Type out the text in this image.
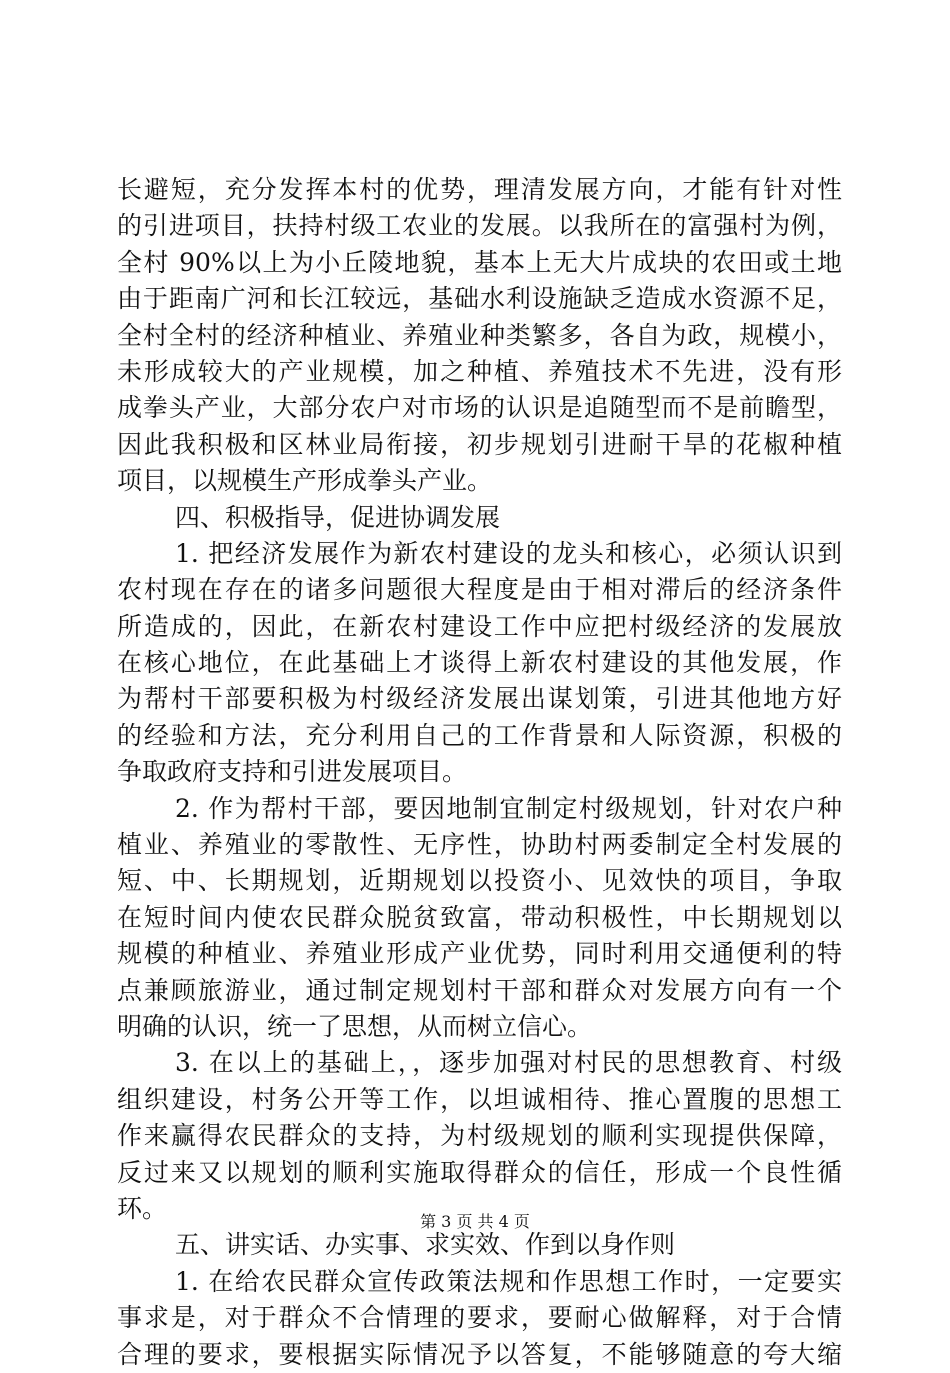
长避短，充分发挥本村的优势，理清发展方向，才能有针对性
的引进项目，扶持村级工农业的发展。以我所在的富强村为例，
全村 90%以上为小丘陵地貌，基本上无大片成块的农田或土地
由于距南广河和长江较远，基础水利设施缺乏造成水资源不足，
全村全村的经济种植业、养殖业种类繁多，各自为政，规模小，
未形成较大的产业规模，加之种植、养殖技术不先进，没有形
成拳头产业，大部分农户对市场的认识是追随型而不是前瞻型，
因此我积极和区林业局衔接，初步规划引进耐干旱的花椒种植
项目，以规模生产形成拳头产业。
四、积极指导，促进协调发展
1. 把经济发展作为新农村建设的龙头和核心，必须认识到
农村现在存在的诸多问题很大程度是由于相对滞后的经济条件
所造成的，因此，在新农村建设工作中应把村级经济的发展放
在核心地位，在此基础上才谈得上新农村建设的其他发展，作
为帮村干部要积极为村级经济发展出谋划策，引进其他地方好
的经验和方法，充分利用自己的工作背景和人际资源，积极的
争取政府支持和引进发展项目。
2. 作为帮村干部，要因地制宜制定村级规划，针对农户种
植业、养殖业的零散性、无序性，协助村两委制定全村发展的
短、中、长期规划，近期规划以投资小、见效快的项目，争取
在短时间内使农民群众脱贫致富，带动积极性，中长期规划以
规模的种植业、养殖业形成产业优势，同时利用交通便利的特
点兼顾旅游业，通过制定规划村干部和群众对发展方向有一个
明确的认识，统一了思想，从而树立信心。
3. 在以上的基础上，，逐步加强对村民的思想教育、村级
组织建设，村务公开等工作，以坦诚相待、推心置腹的思想工
作来赢得农民群众的支持，为村级规划的顺利实现提供保障，
反过来又以规划的顺利实施取得群众的信任，形成一个良性循
环。
五、讲实话、办实事、求实效、作到以身作则
1. 在给农民群众宣传政策法规和作思想工作时，一定要实
事求是，对于群众不合情理的要求，要耐心做解释，对于合情
合理的要求，要根据实际情况予以答复，不能够随意的夸大缩
第 3 页 共 4 页
